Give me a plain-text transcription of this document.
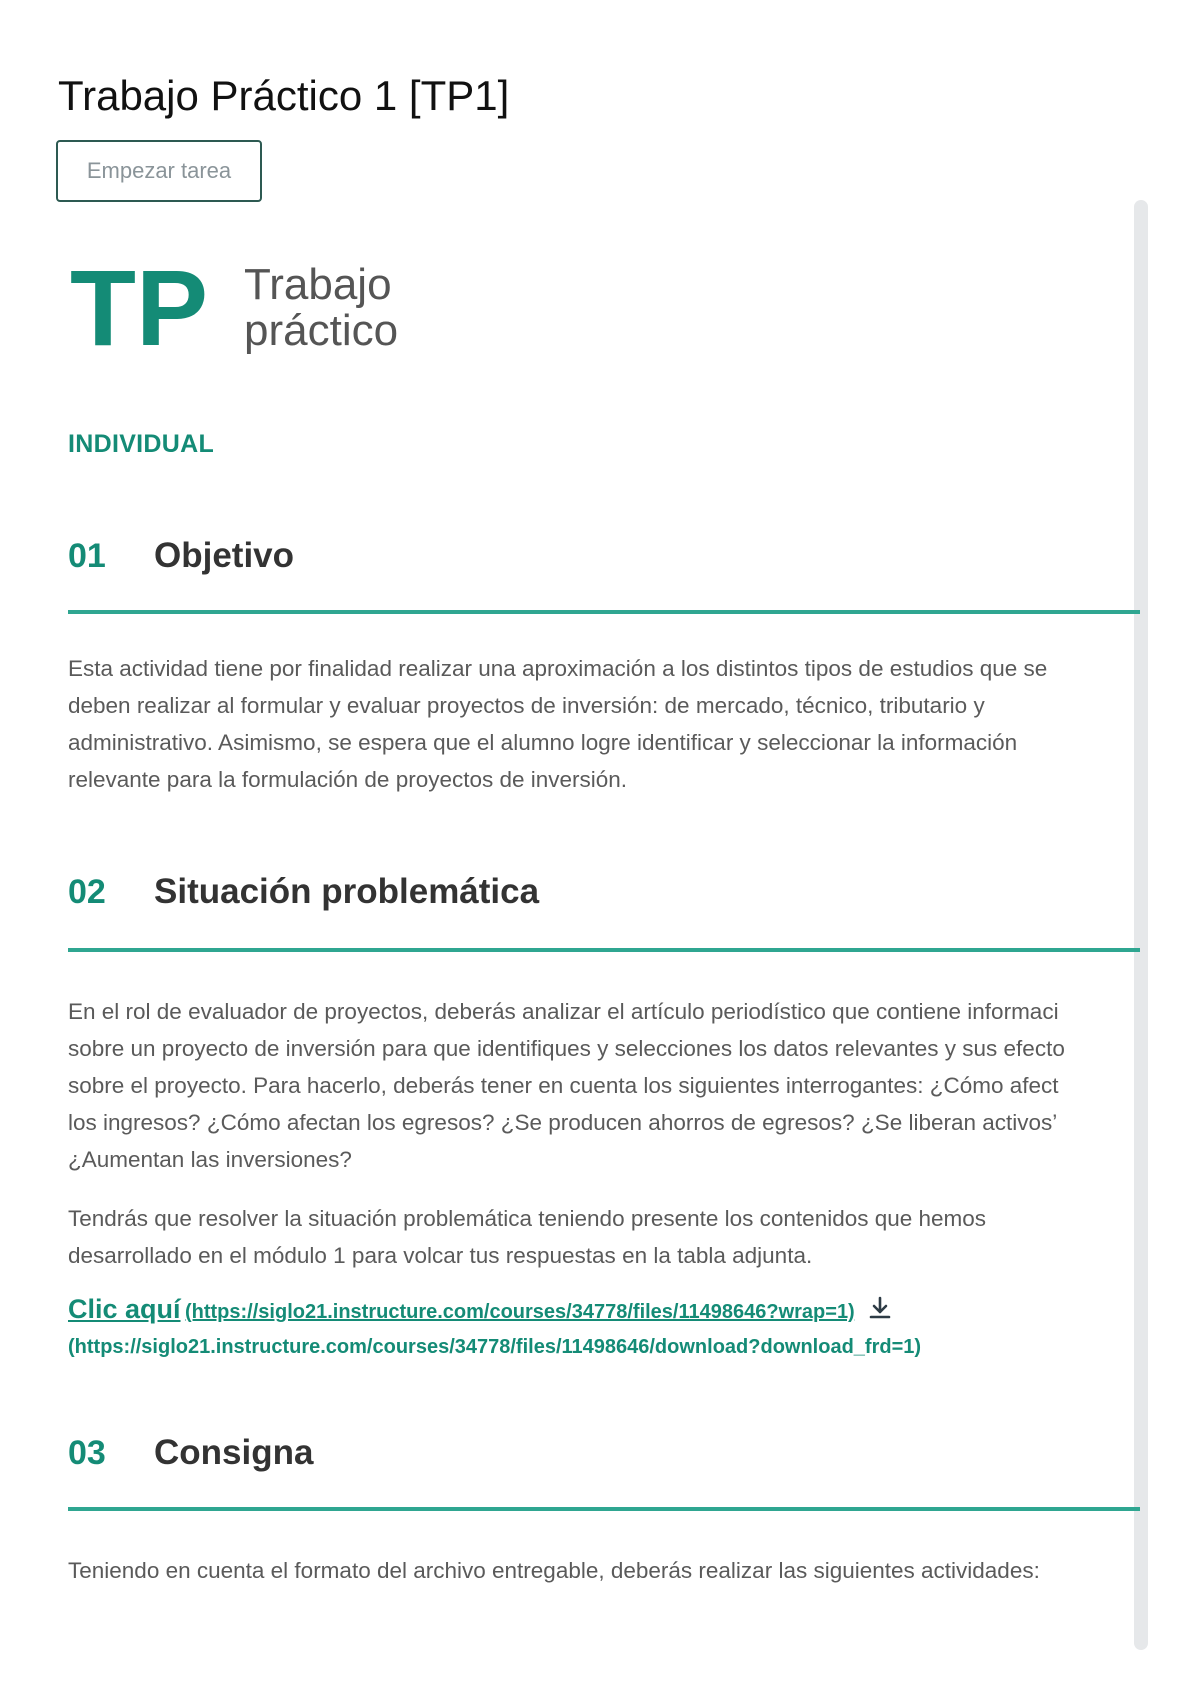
Trabajo Práctico 1 [TP1]
Empezar tarea
TP Trabajo
práctico
INDIVIDUAL
01	Objetivo
Esta actividad tiene por finalidad realizar una aproximación a los distintos tipos de estudios que se
deben realizar al formular y evaluar proyectos de inversión: de mercado, técnico, tributario y
administrativo. Asimismo, se espera que el alumno logre identificar y seleccionar la información
relevante para la formulación de proyectos de inversión.
02	Situación problemática
En el rol de evaluador de proyectos, deberás analizar el artículo periodístico que contiene informaci
sobre un proyecto de inversión para que identifiques y selecciones los datos relevantes y sus efecto
sobre el proyecto. Para hacerlo, deberás tener en cuenta los siguientes interrogantes: ¿Cómo afect
los ingresos? ¿Cómo afectan los egresos? ¿Se producen ahorros de egresos? ¿Se liberan activos’
¿Aumentan las inversiones?
Tendrás que resolver la situación problemática teniendo presente los contenidos que hemos
desarrollado en el módulo 1 para volcar tus respuestas en la tabla adjunta.
Clic aquí (https://siglo21.instructure.com/courses/34778/files/11498646?wrap=1)
(https://siglo21.instructure.com/courses/34778/files/11498646/download?download_frd=1)
03	Consigna
Teniendo en cuenta el formato del archivo entregable, deberás realizar las siguientes actividades:
